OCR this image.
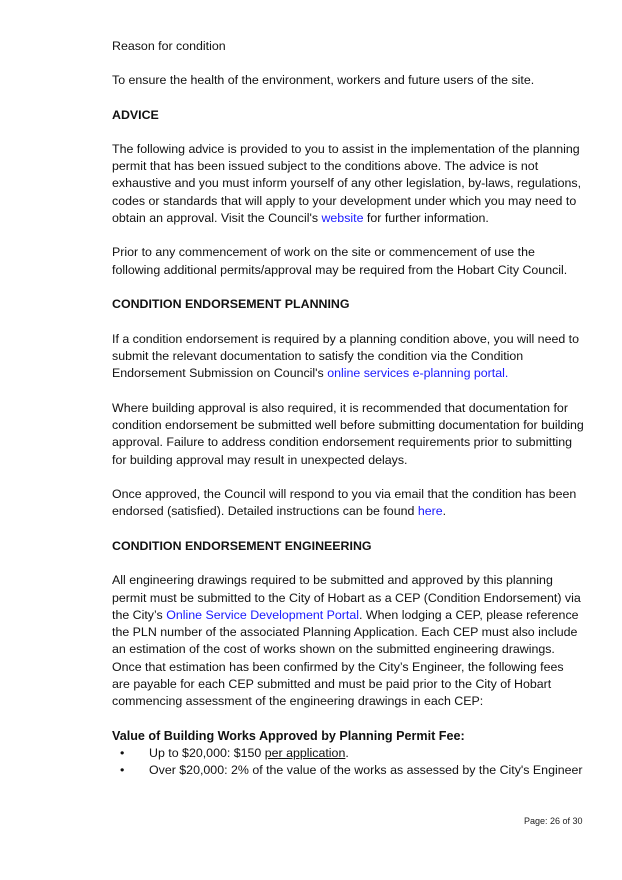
Reason for condition

To ensure the health of the environment, workers and future users of the site.

ADVICE

The following advice is provided to you to assist in the implementation of the planning permit that has been issued subject to the conditions above. The advice is not exhaustive and you must inform yourself of any other legislation, by-laws, regulations, codes or standards that will apply to your development under which you may need to obtain an approval. Visit the Council's website for further information.

Prior to any commencement of work on the site or commencement of use the following additional permits/approval may be required from the Hobart City Council.

CONDITION ENDORSEMENT PLANNING

If a condition endorsement is required by a planning condition above, you will need to submit the relevant documentation to satisfy the condition via the Condition Endorsement Submission on Council's online services e-planning portal.

Where building approval is also required, it is recommended that documentation for condition endorsement be submitted well before submitting documentation for building approval. Failure to address condition endorsement requirements prior to submitting for building approval may result in unexpected delays.

Once approved, the Council will respond to you via email that the condition has been endorsed (satisfied). Detailed instructions can be found here.

CONDITION ENDORSEMENT ENGINEERING

All engineering drawings required to be submitted and approved by this planning permit must be submitted to the City of Hobart as a CEP (Condition Endorsement) via the City’s Online Service Development Portal. When lodging a CEP, please reference the PLN number of the associated Planning Application. Each CEP must also include an estimation of the cost of works shown on the submitted engineering drawings. Once that estimation has been confirmed by the City’s Engineer, the following fees are payable for each CEP submitted and must be paid prior to the City of Hobart commencing assessment of the engineering drawings in each CEP:

Value of Building Works Approved by Planning Permit Fee:

• Up to $20,000: $150 per application.
• Over $20,000: 2% of the value of the works as assessed by the City's Engineer
Page: 26 of 30
